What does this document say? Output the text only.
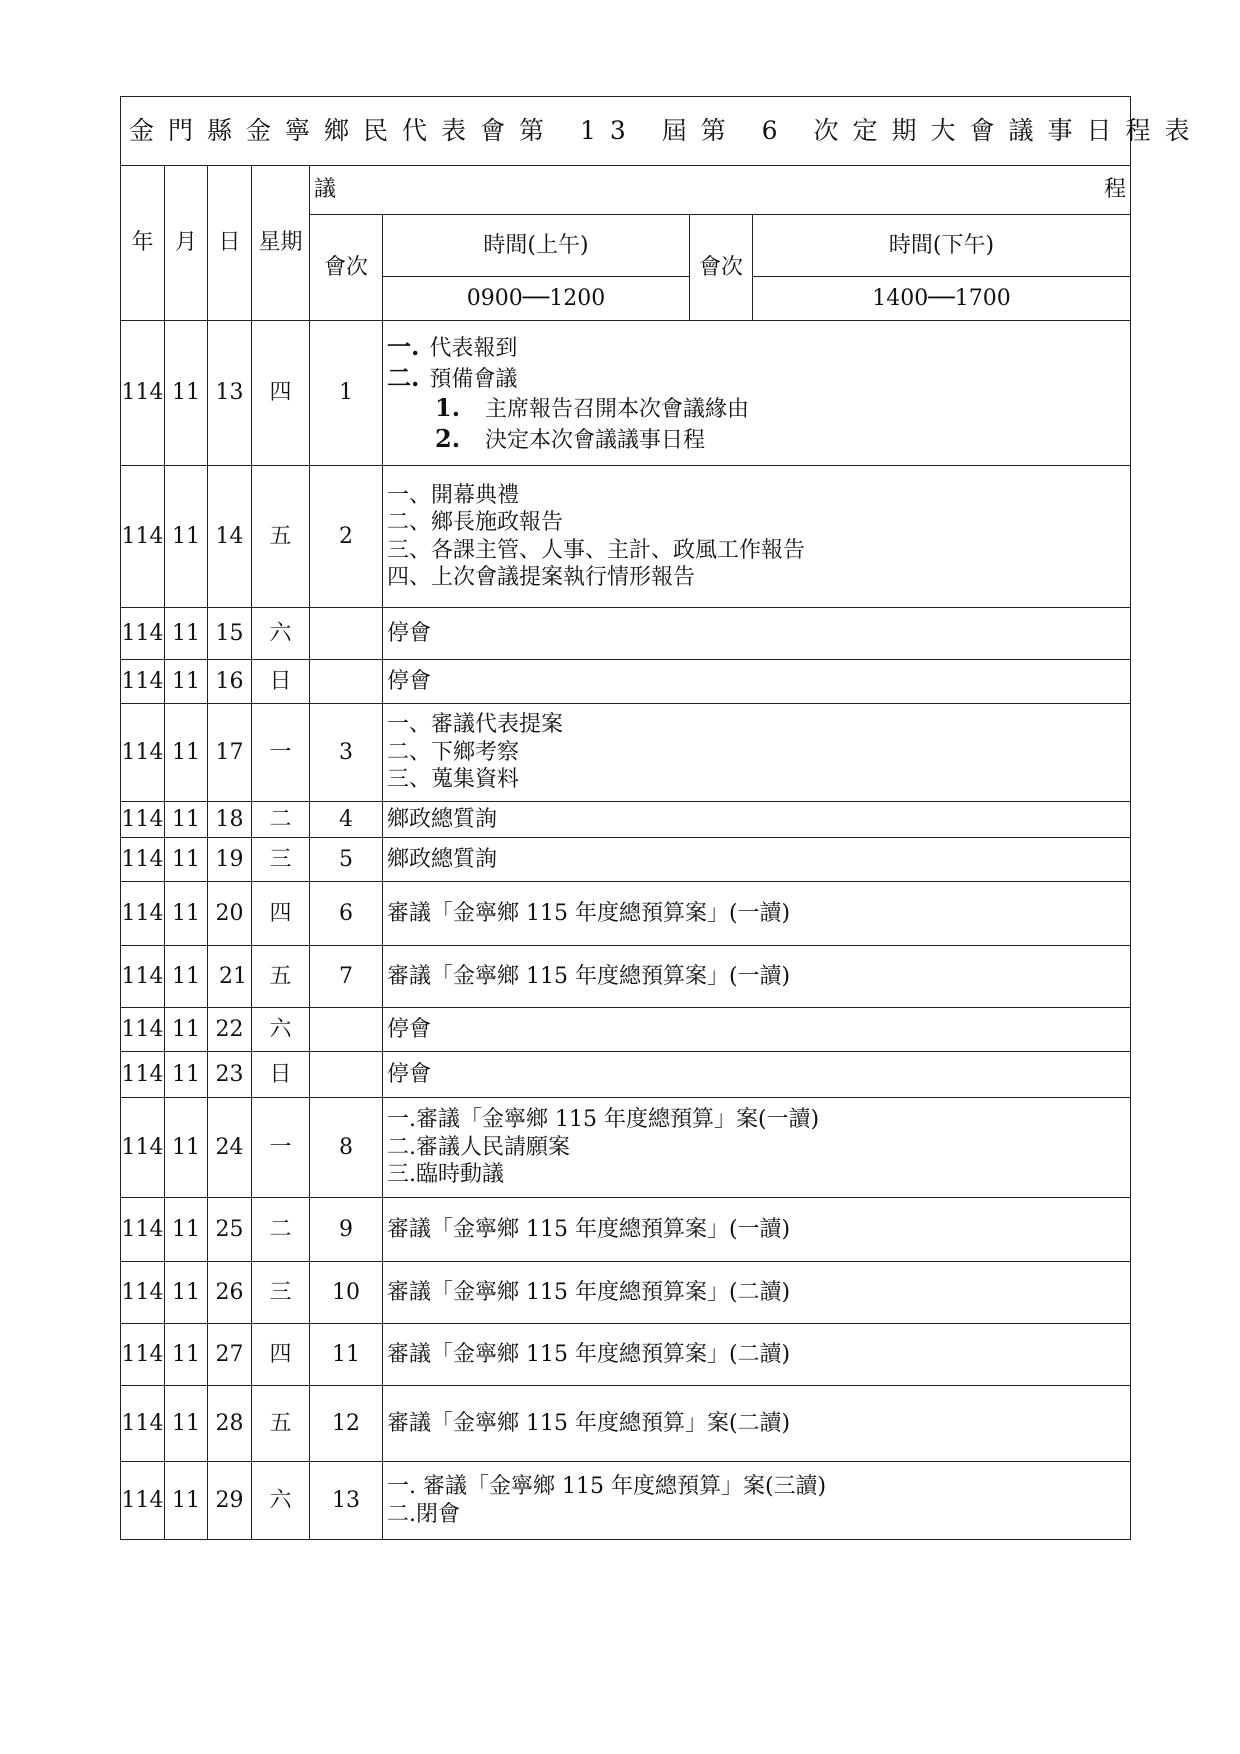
金門縣金寧鄉民代表會第 13 屆第 6 次定期大會議事日程表							
年	月	日	星期	議 程			

				會次	時間(上午)	會次	時間(下午)
					0900──1200		1400──1700
114	11	13	四	1	一. 代表報到
二. 預備會議
1. 主席報告召開本次會議緣由
2. 決定本次會議議事日程		

114	11	14	五	2	一、開幕典禮
二、鄉長施政報告
三、各課主管、人事、主計、政風工作報告
四、上次會議提案執行情形報告		

114	11	15	六		停會		

114	11	16	日		停會		

114	11	17	一	3	一、審議代表提案
二、下鄉考察
三、蒐集資料		

114	11	18	二	4	鄉政總質詢		

114	11	19	三	5	鄉政總質詢		

114	11	20	四	6	審議「金寧鄉 115 年度總預算案」(一讀)		

114	11	21	五	7	審議「金寧鄉 115 年度總預算案」(一讀)		

114	11	22	六		停會		

114	11	23	日		停會		

114	11	24	一	8	一.審議「金寧鄉 115 年度總預算」案(一讀)
二.審議人民請願案
三.臨時動議		

114	11	25	二	9	審議「金寧鄉 115 年度總預算案」(一讀)		

114	11	26	三	10	審議「金寧鄉 115 年度總預算案」(二讀)		

114	11	27	四	11	審議「金寧鄉 115 年度總預算案」(二讀)		

114	11	28	五	12	審議「金寧鄉 115 年度總預算」案(二讀)		

114	11	29	六	13	一. 審議「金寧鄉 115 年度總預算」案(三讀)
二.閉會		
